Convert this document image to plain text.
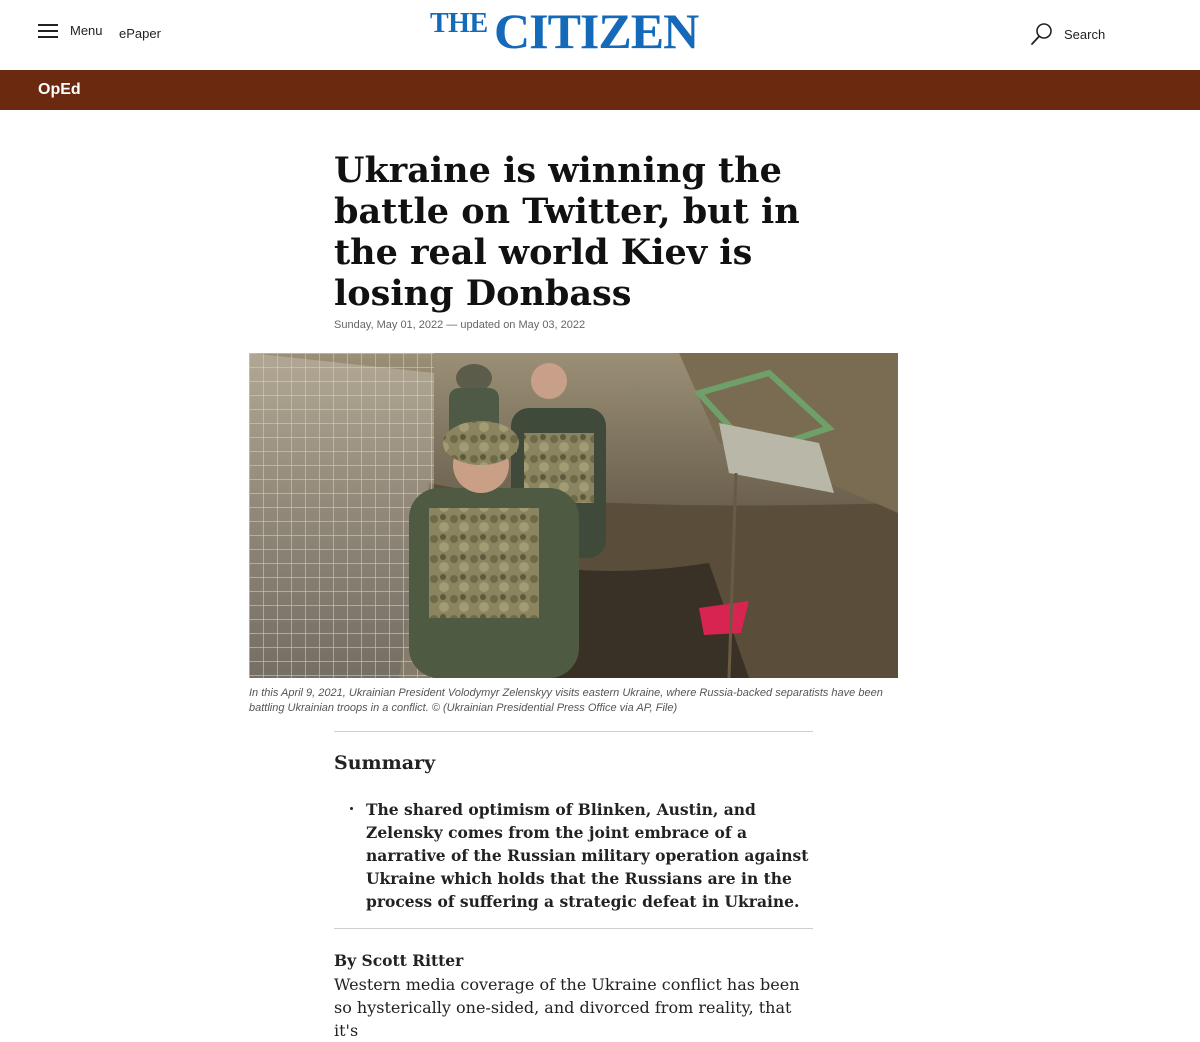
Menu ePaper	THE CITIZEN	Search
OpEd
Ukraine is winning the battle on Twitter, but in the real world Kiev is losing Donbass
Sunday, May 01, 2022 — updated on May 03, 2022
In this April 9, 2021, Ukrainian President Volodymyr Zelenskyy visits eastern Ukraine, where Russia-backed separatists have been battling Ukrainian troops in a conflict. © (Ukrainian Presidential Press Office via AP, File)
Summary
The shared optimism of Blinken, Austin, and Zelensky comes from the joint embrace of a narrative of the Russian military operation against Ukraine which holds that the Russians are in the process of suffering a strategic defeat in Ukraine.
By Scott Ritter

Western media coverage of the Ukraine conflict has been so hysterically one-sided, and divorced from reality, that it's
